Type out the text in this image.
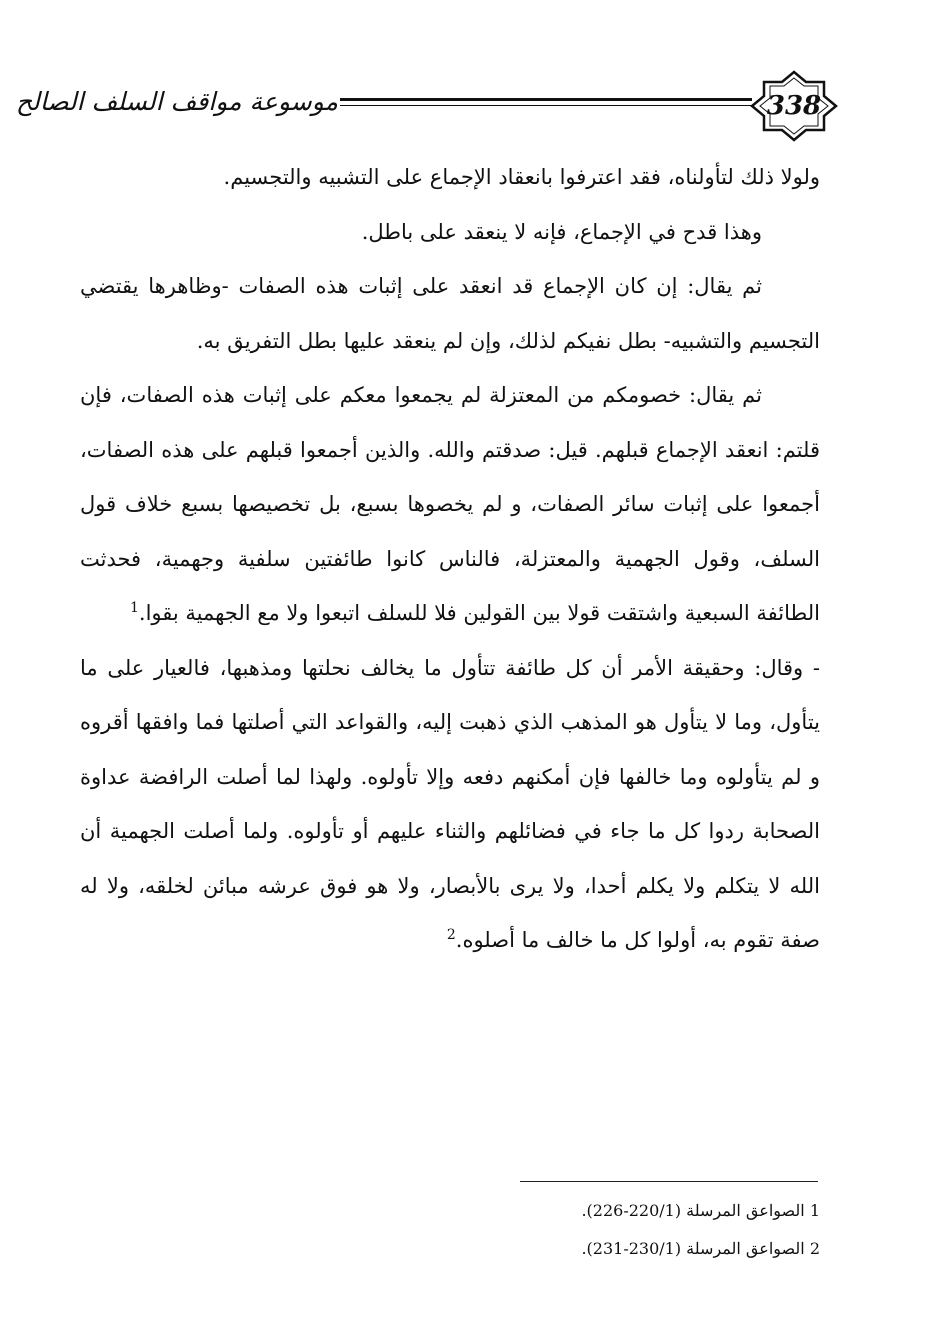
موسوعة مواقف السلف الصالح	338

ولولا ذلك لتأولناه، فقد اعترفوا بانعقاد الإجماع على التشبيه والتجسيم.

وهذا قدح في الإجماع، فإنه لا ينعقد على باطل.

ثم يقال: إن كان الإجماع قد انعقد على إثبات هذه الصفات -وظاهرها يقتضي التجسيم والتشبيه- بطل نفيكم لذلك، وإن لم ينعقد عليها بطل التفريق به.

ثم يقال: خصومكم من المعتزلة لم يجمعوا معكم على إثبات هذه الصفات، فإن قلتم: انعقد الإجماع قبلهم. قيل: صدقتم والله. والذين أجمعوا قبلهم على هذه الصفات، أجمعوا على إثبات سائر الصفات، و لم يخصوها بسبع، بل تخصيصها بسبع خلاف قول السلف، وقول الجهمية والمعتزلة، فالناس كانوا طائفتين سلفية وجهمية، فحدثت الطائفة السبعية واشتقت قولا بين القولين فلا للسلف اتبعوا ولا مع الجهمية بقوا.$^1$

- وقال: وحقيقة الأمر أن كل طائفة تتأول ما يخالف نحلتها ومذهبها، فالعيار على ما يتأول، وما لا يتأول هو المذهب الذي ذهبت إليه، والقواعد التي أصلتها فما وافقها أقروه و لم يتأولوه وما خالفها فإن أمكنهم دفعه وإلا تأولوه. ولهذا لما أصلت الرافضة عداوة الصحابة ردوا كل ما جاء في فضائلهم والثناء عليهم أو تأولوه. ولما أصلت الجهمية أن الله لا يتكلم ولا يكلم أحدا، ولا يرى بالأبصار، ولا هو فوق عرشه مبائن لخلقه، ولا له صفة تقوم به، أولوا كل ما خالف ما أصلوه.$^2$

1 الصواعق المرسلة (220/1-226).

2 الصواعق المرسلة (230/1-231).
